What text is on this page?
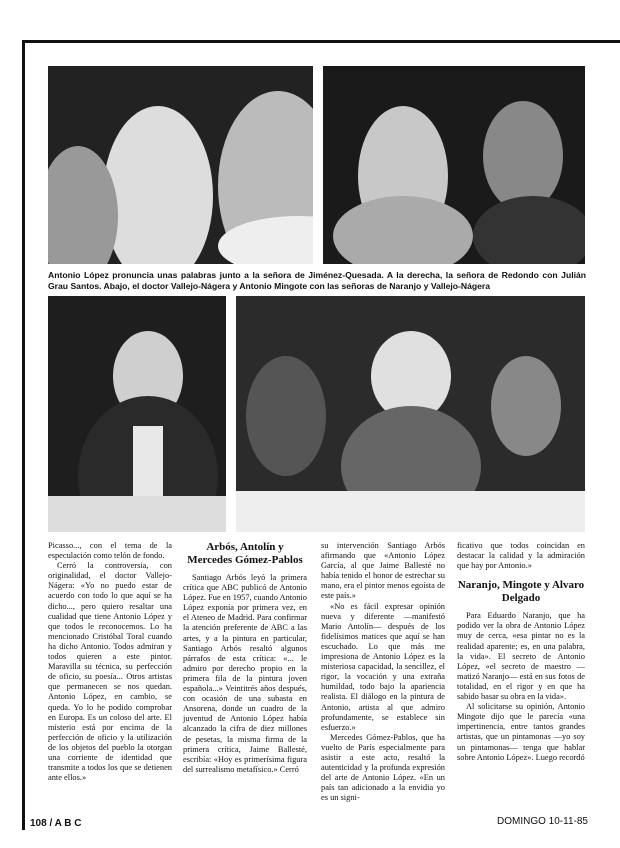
Antonio López pronuncia unas palabras junto a la señora de Jiménez-Quesada. A la derecha, la señora de Redondo con Julián Grau Santos. Abajo, el doctor Vallejo-Nágera y Antonio Mingote con las señoras de Naranjo y Vallejo-Nágera

Picasso..., con el tema de la especulación como telón de fondo.

Cerró la controversia, con originalidad, el doctor Vallejo-Nágera: «Yo no puedo estar de acuerdo con todo lo que aquí se ha dicho..., pero quiero resaltar una cualidad que tiene Antonio López y que todos le reconocemos. Lo ha mencionado Cristóbal Toral cuando ha dicho Antonio. Todos admiran y todos quieren a este pintor. Maravilla su técnica, su perfección de oficio, su poesía... Otros artistas que permanecen se nos quedan. Antonio López, en cambio, se queda. Yo lo he podido comprobar en Europa. Es un coloso del arte. El misterio está por encima de la perfección de oficio y la utilización de los objetos del pueblo la otorgan una corriente de identidad que transmite a todos los que se detienen ante ellos.»

Arbós, Antolín y Mercedes Gómez-Pablos

Santiago Arbós leyó la primera crítica que ABC publicó de Antonio López. Fue en 1957, cuando Antonio López exponía por primera vez, en el Ateneo de Madrid. Para confirmar la atención preferente de ABC a las artes, y a la pintura en particular, Santiago Arbós resaltó algunos párrafos de esta crítica: «... le admiro por derecho propio en la primera fila de la pintura joven española...» Veintitrés años después, con ocasión de una subasta en Ansorena, donde un cuadro de la juventud de Antonio López había alcanzado la cifra de diez millones de pesetas, la misma firma de la primera crítica, Jaime Ballesté, escribía: «Hoy es primerísima figura del surrealismo metafísico.» Cerró

su intervención Santiago Arbós afirmando que «Antonio López García, al que Jaime Ballesté no había tenido el honor de estrechar su mano, era el pintor menos egoísta de este país.»

«No es fácil expresar opinión nueva y diferente —manifestó Mario Antolín— después de los fidelísimos matices que aquí se han escuchado. Lo que más me impresiona de Antonio López es la misteriosa capacidad, la sencillez, el rigor, la vocación y una extraña humildad, todo bajo la apariencia realista. El diálogo en la pintura de Antonio, artista al que admiro profundamente, se establece sin esfuerzo.»

Mercedes Gómez-Pablos, que ha vuelto de París especialmente para asistir a este acto, resaltó la autenticidad y la profunda expresión del arte de Antonio López. «En un país tan adicionado a la envidia yo es un signi-

ficativo que todos coincidan en destacar la calidad y la admiración que hay por Antonio.»

Naranjo, Mingote y Alvaro Delgado

Para Eduardo Naranjo, que ha podido ver la obra de Antonio López muy de cerca, «esa pintar no es la realidad aparente; es, en una palabra, la vida». El secreto de Antonio López, «el secreto de maestro —matizó Naranjo— está en sus fotos de totalidad, en el rigor y en que ha sabido basar su obra en la vida».

Al solicitarse su opinión, Antonio Mingote dijo que le parecía «una impertinencia, entre tantos grandes artistas, que un pintamonas —yo soy un pintamonas— tenga que hablar sobre Antonio López». Luego recordó

108 / A B C	DOMINGO 10-11-85
